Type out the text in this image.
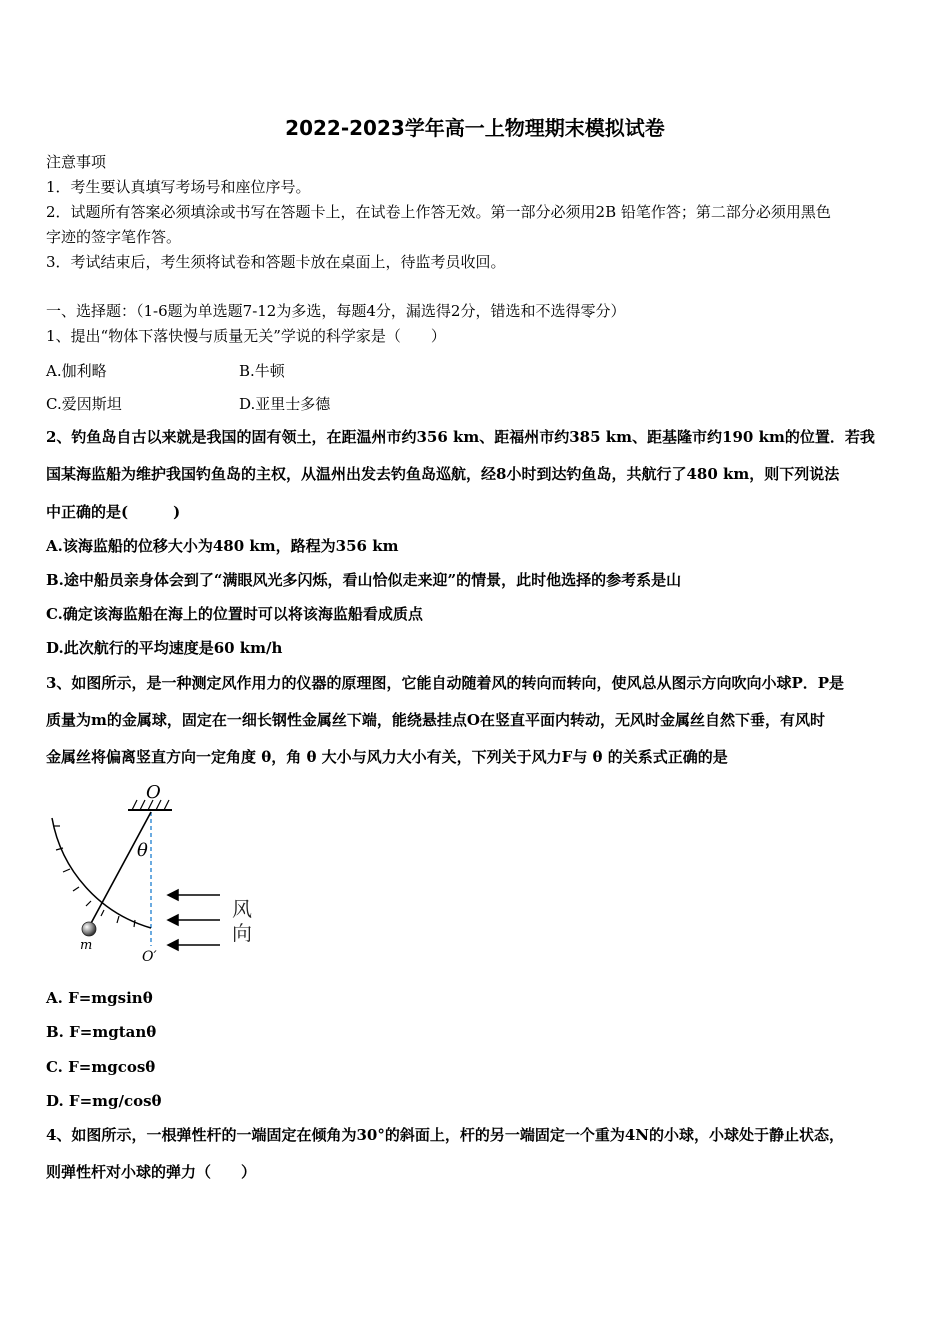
2022-2023学年高一上物理期末模拟试卷
注意事项
1．考生要认真填写考场号和座位序号。
2．试题所有答案必须填涂或书写在答题卡上，在试卷上作答无效。第一部分必须用2B 铅笔作答；第二部分必须用黑色
字迹的签字笔作答。
3．考试结束后，考生须将试卷和答题卡放在桌面上，待监考员收回。
一、选择题：（1-6题为单选题7-12为多选，每题4分，漏选得2分，错选和不选得零分）
1、提出“物体下落快慢与质量无关”学说的科学家是（　　）
A.伽利略	B.牛顿
C.爱因斯坦	D.亚里士多德
2、钓鱼岛自古以来就是我国的固有领土，在距温州市约356 km、距福州市约385 km、距基隆市约190 km的位置．若我
国某海监船为维护我国钓鱼岛的主权，从温州出发去钓鱼岛巡航，经8小时到达钓鱼岛，共航行了480 km，则下列说法
中正确的是(　　　)
A.该海监船的位移大小为480 km，路程为356 km
B.途中船员亲身体会到了“满眼风光多闪烁，看山恰似走来迎”的情景，此时他选择的参考系是山
C.确定该海监船在海上的位置时可以将该海监船看成质点
D.此次航行的平均速度是60 km/h
3、如图所示，是一种测定风作用力的仪器的原理图，它能自动随着风的转向而转向，使风总从图示方向吹向小球P．P是
质量为m的金属球，固定在一细长钢性金属丝下端，能绕悬挂点O在竖直平面内转动，无风时金属丝自然下垂，有风时
金属丝将偏离竖直方向一定角度 θ，角 θ 大小与风力大小有关，下列关于风力F与 θ 的关系式正确的是
O
θ
m
O′
风
向
A. F=mgsinθ
B. F=mgtanθ
C. F=mgcosθ
D. F=mg/cosθ
4、如图所示，一根弹性杆的一端固定在倾角为30°的斜面上，杆的另一端固定一个重为4N的小球，小球处于静止状态，
则弹性杆对小球的弹力（　　）
